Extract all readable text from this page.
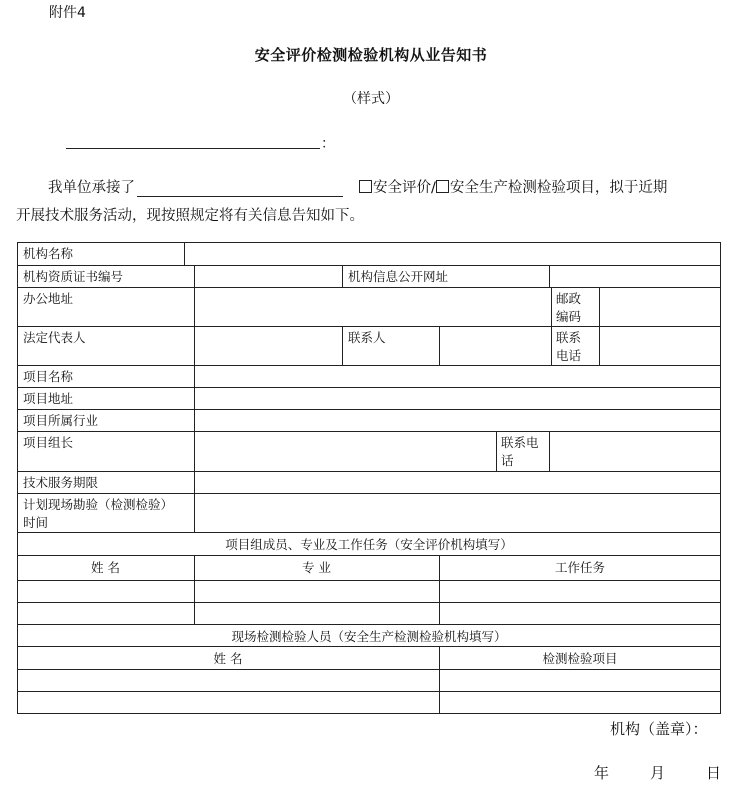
附件4
安全评价检测检验机构从业告知书
（样式）
：
我单位承接了	安全评价/ 安全生产检测检验项目，拟于近期
开展技术服务活动，现按照规定将有关信息告知如下。
机构名称
机构资质证书编号	机构信息公开网址
办公地址	邮政
编码
法定代表人	联系人	联系
电话
项目名称
项目地址
项目所属行业
项目组长	联系电
话
技术服务期限
计划现场勘验（检测检验）
时间
项目组成员、专业及工作任务（安全评价机构填写）
姓 名	专 业	工作任务
现场检测检验人员（安全生产检测检验机构填写）
姓 名	检测检验项目
机构（盖章）：
年	月	日
